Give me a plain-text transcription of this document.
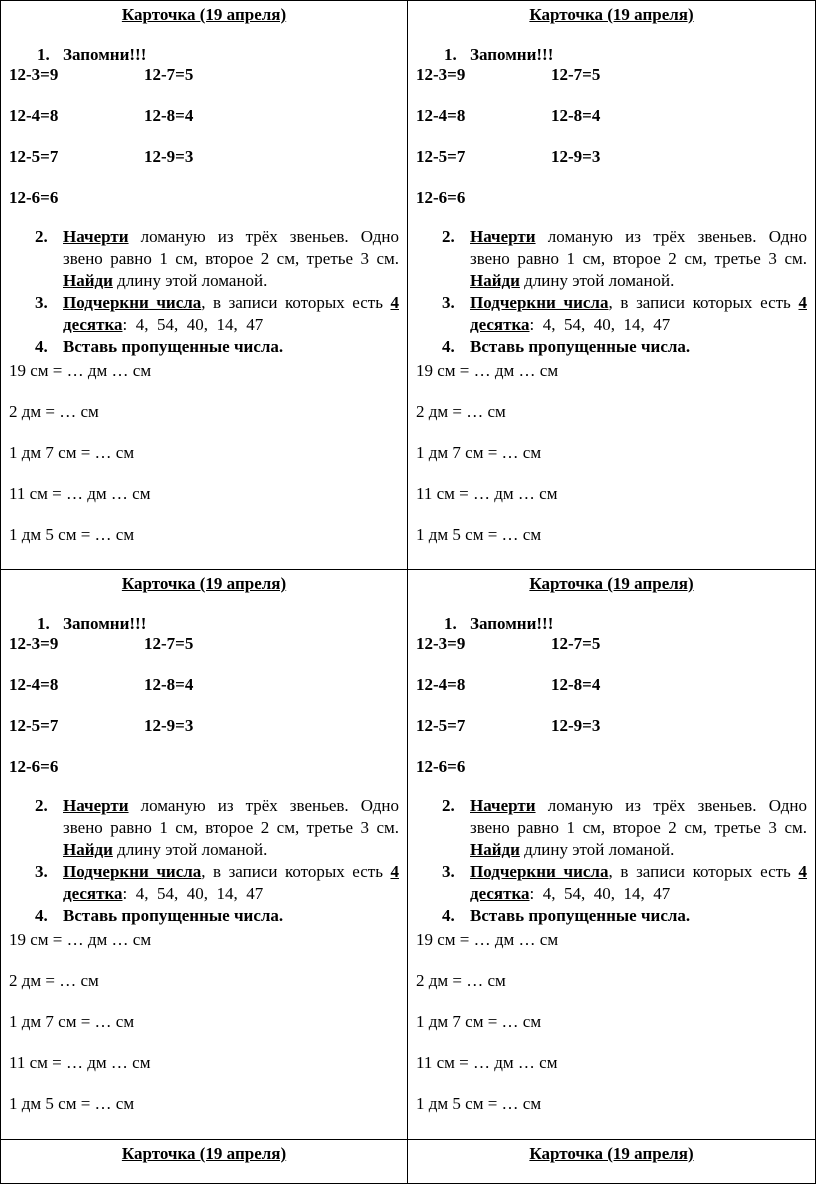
Карточка (19 апреля)
1. Запомни!!!
12-3=9	12-7=5
12-4=8	12-8=4
12-5=7	12-9=3
12-6=6
2. Начерти ломаную из трёх звеньев. Одно звено равно 1 см, второе 2 см, третье 3 см. Найди длину этой ломаной.
3. Подчеркни числа, в записи которых есть 4 десятка:  4,  54,  40,  14,  47
4. Вставь пропущенные числа.
19 см = … дм … см
2 дм = … см
1 дм 7 см = … см
11 см = … дм … см
1 дм 5 см = … см
Карточка (19 апреля)
1. Запомни!!!
12-3=9	12-7=5
12-4=8	12-8=4
12-5=7	12-9=3
12-6=6
2. Начерти ломаную из трёх звеньев. Одно звено равно 1 см, второе 2 см, третье 3 см. Найди длину этой ломаной.
3. Подчеркни числа, в записи которых есть 4 десятка:  4,  54,  40,  14,  47
4. Вставь пропущенные числа.
19 см = … дм … см
2 дм = … см
1 дм 7 см = … см
11 см = … дм … см
1 дм 5 см = … см
Карточка (19 апреля)
1. Запомни!!!
12-3=9	12-7=5
12-4=8	12-8=4
12-5=7	12-9=3
12-6=6
2. Начерти ломаную из трёх звеньев. Одно звено равно 1 см, второе 2 см, третье 3 см. Найди длину этой ломаной.
3. Подчеркни числа, в записи которых есть 4 десятка:  4,  54,  40,  14,  47
4. Вставь пропущенные числа.
19 см = … дм … см
2 дм = … см
1 дм 7 см = … см
11 см = … дм … см
1 дм 5 см = … см
Карточка (19 апреля)
1. Запомни!!!
12-3=9	12-7=5
12-4=8	12-8=4
12-5=7	12-9=3
12-6=6
2. Начерти ломаную из трёх звеньев. Одно звено равно 1 см, второе 2 см, третье 3 см. Найди длину этой ломаной.
3. Подчеркни числа, в записи которых есть 4 десятка:  4,  54,  40,  14,  47
4. Вставь пропущенные числа.
19 см = … дм … см
2 дм = … см
1 дм 7 см = … см
11 см = … дм … см
1 дм 5 см = … см
Карточка (19 апреля)	Карточка (19 апреля)
